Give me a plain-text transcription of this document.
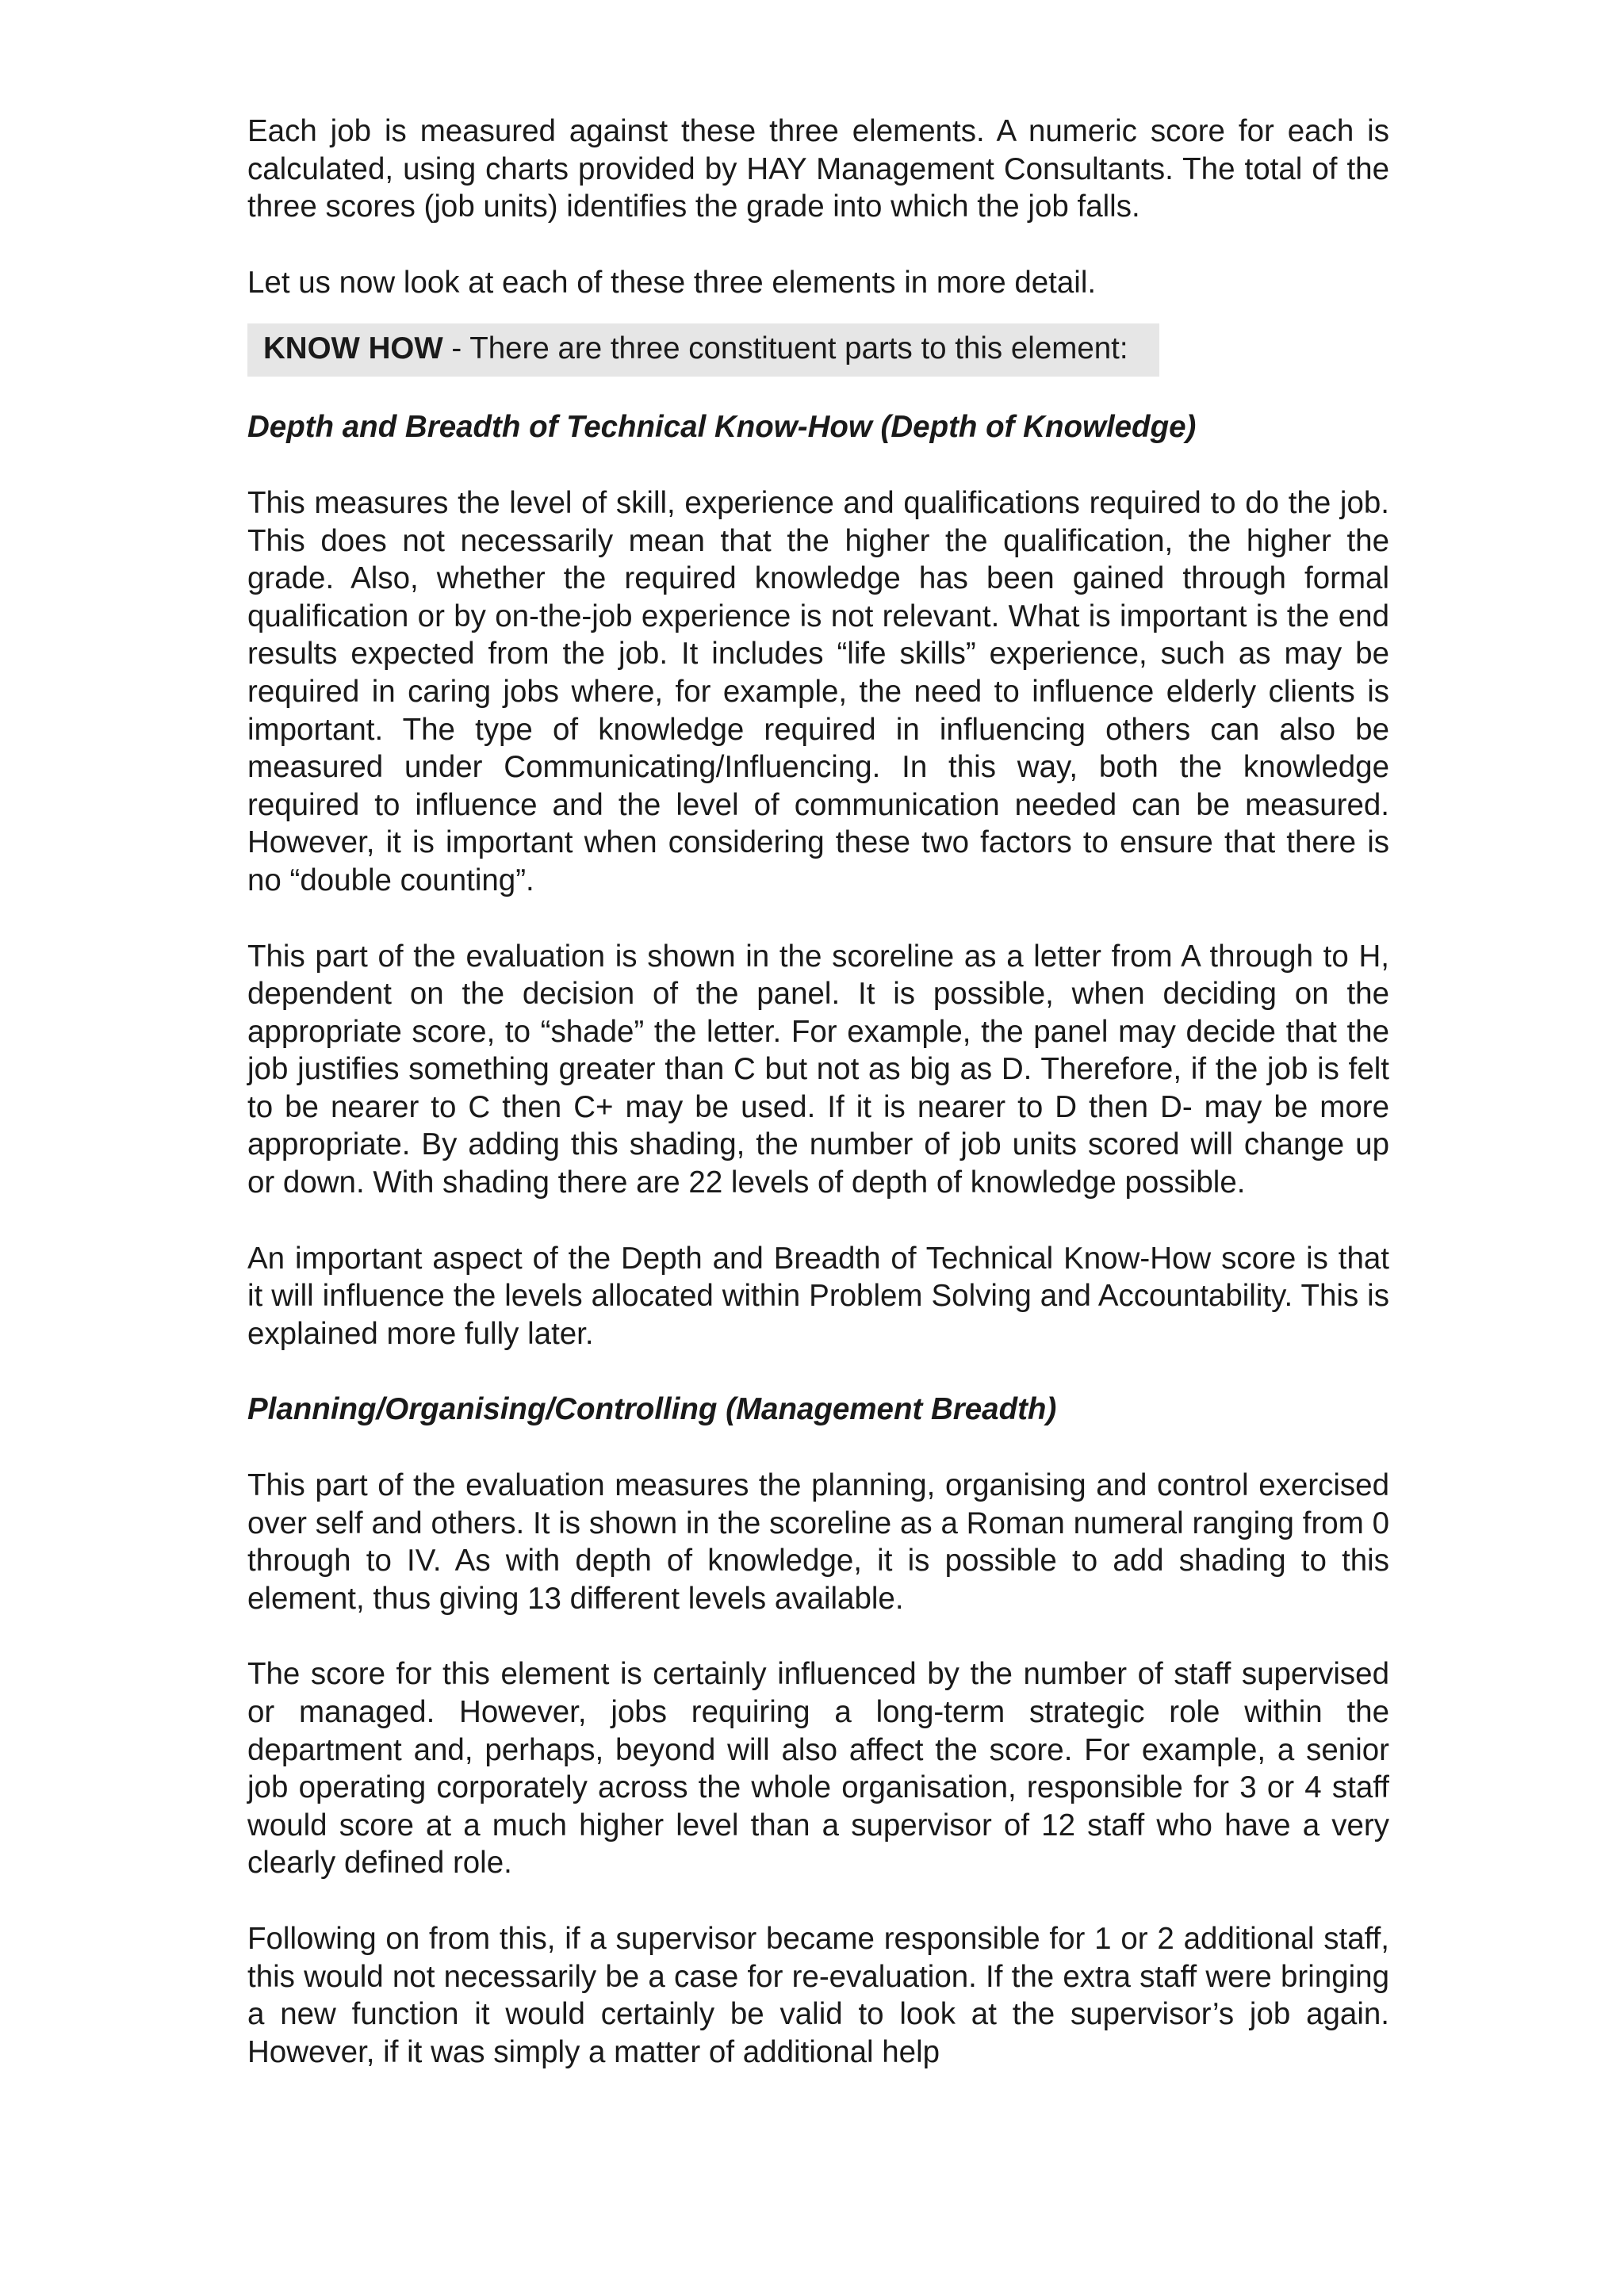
Each job is measured against these three elements. A numeric score for each is calculated, using charts provided by HAY Management Consultants. The total of the three scores (job units) identifies the grade into which the job falls.

Let us now look at each of these three elements in more detail.

KNOW HOW - There are three constituent parts to this element:

Depth and Breadth of Technical Know-How (Depth of Knowledge)

This measures the level of skill, experience and qualifications required to do the job. This does not necessarily mean that the higher the qualification, the higher the grade. Also, whether the required knowledge has been gained through formal qualification or by on-the-job experience is not relevant. What is important is the end results expected from the job. It includes “life skills” experience, such as may be required in caring jobs where, for example, the need to influence elderly clients is important. The type of knowledge required in influencing others can also be measured under Communicating/Influencing. In this way, both the knowledge required to influence and the level of communication needed can be measured. However, it is important when considering these two factors to ensure that there is no “double counting”.

This part of the evaluation is shown in the scoreline as a letter from A through to H, dependent on the decision of the panel. It is possible, when deciding on the appropriate score, to “shade” the letter. For example, the panel may decide that the job justifies something greater than C but not as big as D. Therefore, if the job is felt to be nearer to C then C+ may be used. If it is nearer to D then D- may be more appropriate. By adding this shading, the number of job units scored will change up or down. With shading there are 22 levels of depth of knowledge possible.

An important aspect of the Depth and Breadth of Technical Know-How score is that it will influence the levels allocated within Problem Solving and Accountability. This is explained more fully later.

Planning/Organising/Controlling (Management Breadth)

This part of the evaluation measures the planning, organising and control exercised over self and others. It is shown in the scoreline as a Roman numeral ranging from 0 through to IV. As with depth of knowledge, it is possible to add shading to this element, thus giving 13 different levels available.

The score for this element is certainly influenced by the number of staff supervised or managed. However, jobs requiring a long-term strategic role within the department and, perhaps, beyond will also affect the score. For example, a senior job operating corporately across the whole organisation, responsible for 3 or 4 staff would score at a much higher level than a supervisor of 12 staff who have a very clearly defined role.

Following on from this, if a supervisor became responsible for 1 or 2 additional staff, this would not necessarily be a case for re-evaluation. If the extra staff were bringing a new function it would certainly be valid to look at the supervisor’s job again. However, if it was simply a matter of additional help
